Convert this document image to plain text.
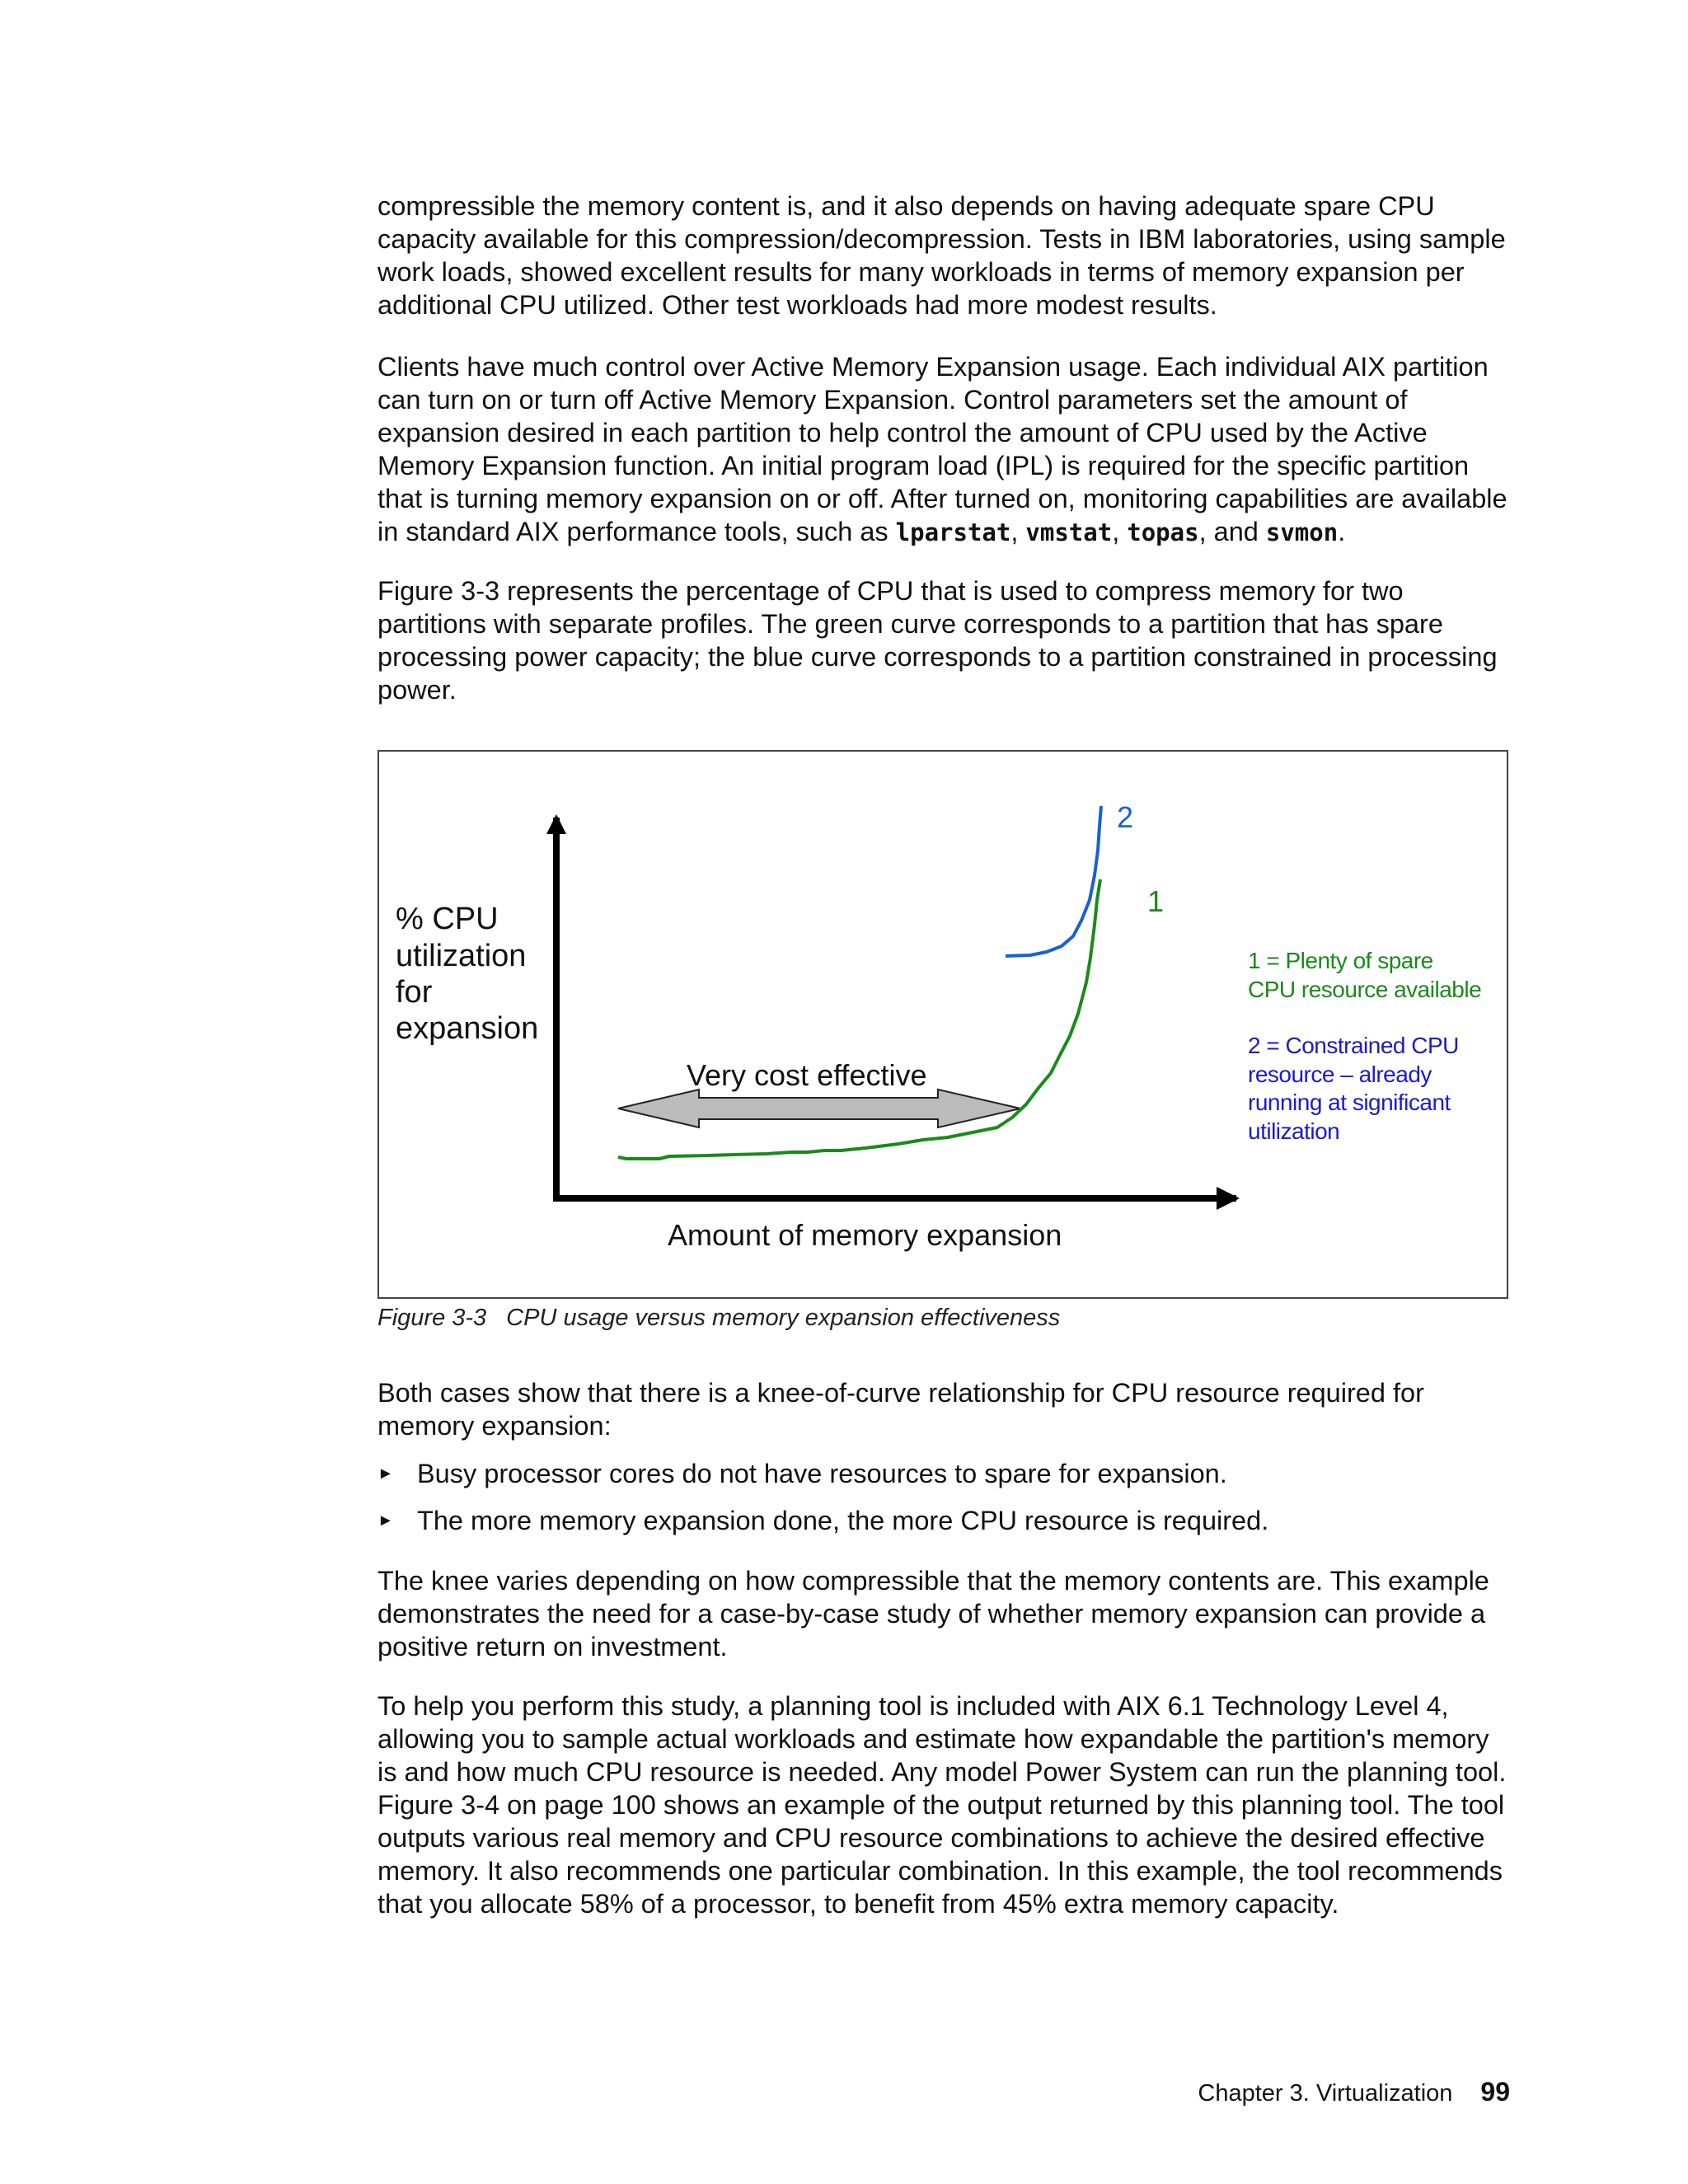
compressible the memory content is, and it also depends on having adequate spare CPU capacity available for this compression/decompression. Tests in IBM laboratories, using sample work loads, showed excellent results for many workloads in terms of memory expansion per additional CPU utilized. Other test workloads had more modest results.

Clients have much control over Active Memory Expansion usage. Each individual AIX partition can turn on or turn off Active Memory Expansion. Control parameters set the amount of expansion desired in each partition to help control the amount of CPU used by the Active Memory Expansion function. An initial program load (IPL) is required for the specific partition that is turning memory expansion on or off. After turned on, monitoring capabilities are available in standard AIX performance tools, such as lparstat, vmstat, topas, and svmon.

Figure 3-3 represents the percentage of CPU that is used to compress memory for two partitions with separate profiles. The green curve corresponds to a partition that has spare processing power capacity; the blue curve corresponds to a partition constrained in processing power.

% CPU
utilization
for
expansion
Amount of memory expansion
Very cost effective
2
1
1 = Plenty of spare
CPU resource available
2 = Constrained CPU
resource – already
running at significant
utilization
Figure 3-3 CPU usage versus memory expansion effectiveness

Both cases show that there is a knee-of-curve relationship for CPU resource required for memory expansion:

► Busy processor cores do not have resources to spare for expansion.
► The more memory expansion done, the more CPU resource is required.

The knee varies depending on how compressible that the memory contents are. This example demonstrates the need for a case-by-case study of whether memory expansion can provide a positive return on investment.

To help you perform this study, a planning tool is included with AIX 6.1 Technology Level 4, allowing you to sample actual workloads and estimate how expandable the partition's memory is and how much CPU resource is needed. Any model Power System can run the planning tool. Figure 3-4 on page 100 shows an example of the output returned by this planning tool. The tool outputs various real memory and CPU resource combinations to achieve the desired effective memory. It also recommends one particular combination. In this example, the tool recommends that you allocate 58% of a processor, to benefit from 45% extra memory capacity.

Chapter 3. Virtualization 99
